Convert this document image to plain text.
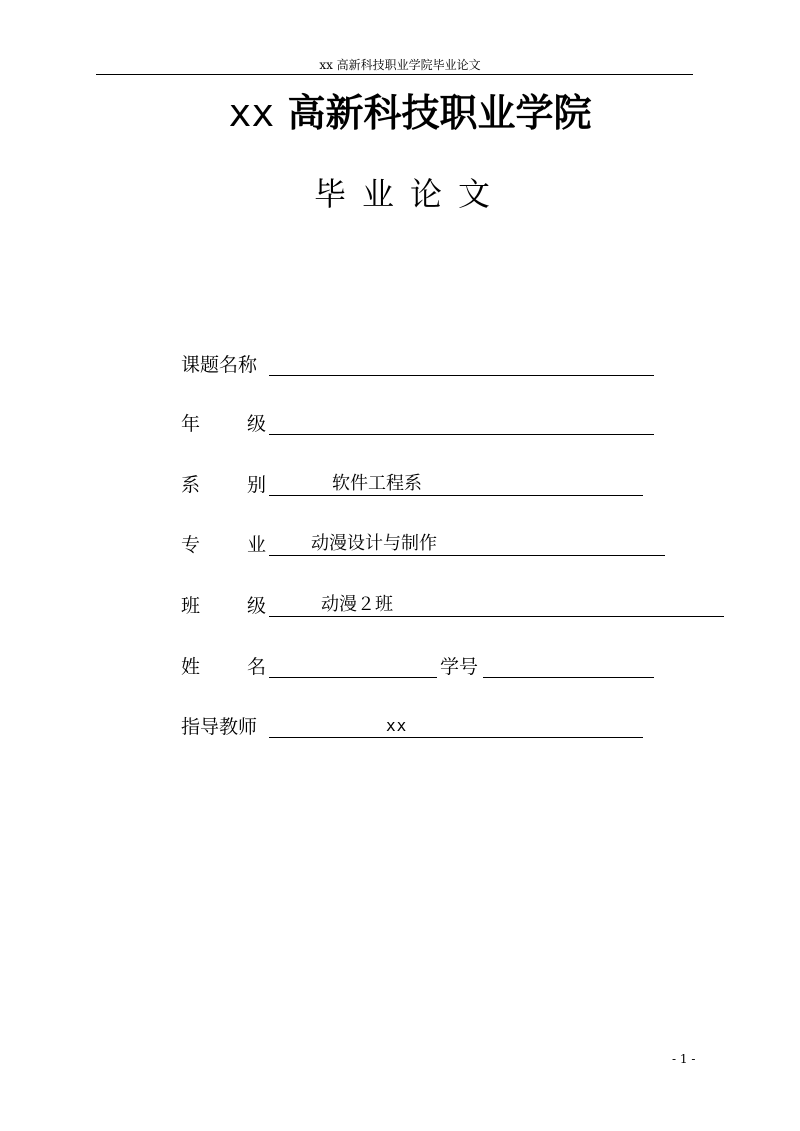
xx 高新科技职业学院毕业论文
xx 高新科技职业学院
毕业论文
课题名称
年 级
系 别	软件工程系
专 业 动漫设计与制作
班 级	动漫２班
姓 名	学号
指导教师	xx
- 1 -
